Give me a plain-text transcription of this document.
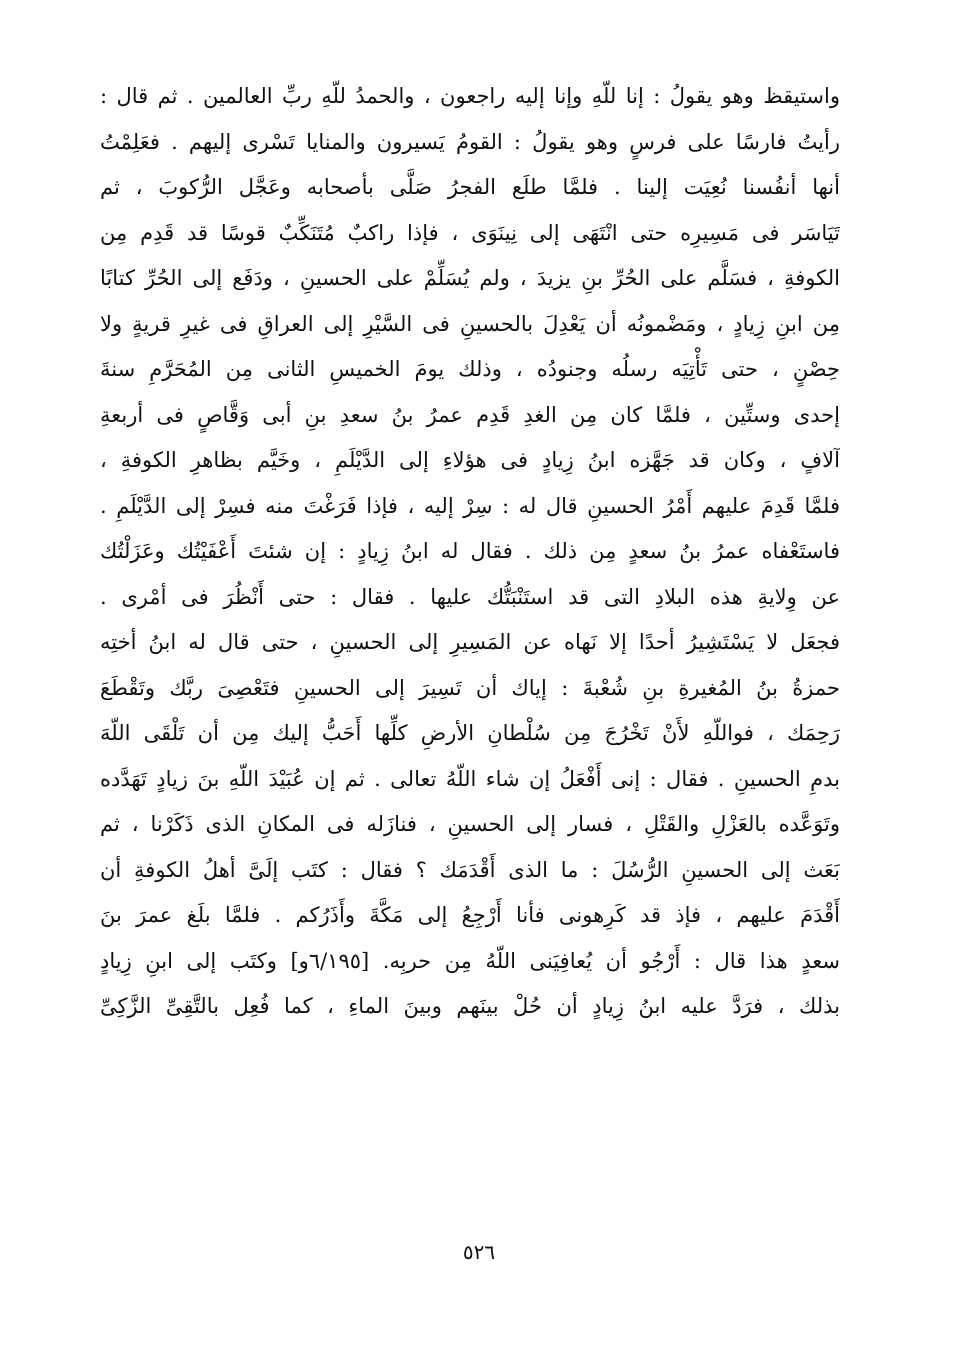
واستيقظ وهو يقولُ : إنا للّهِ وإنا إليه راجعون ، والحمدُ للّهِ ربِّ العالمين . ثم قال :
رأيتُ فارسًا على فرسٍ وهو يقولُ : القومُ يَسيرون والمنايا تَسْرى إليهم . فعَلِمْتُ
أنها أنفُسنا نُعِيَت إلينا . فلمَّا طلَع الفجرُ صَلَّى بأصحابه وعَجَّل الرُّكوبَ ، ثم
تَيَاسَر فى مَسِيرِه حتى انْتَهَى إلى نِينَوَى ، فإذا راكبٌ مُتَنَكِّبٌ قوسًا قد قَدِم مِن
الكوفةِ ، فسَلَّم على الحُرِّ بنِ يزيدَ ، ولم يُسَلِّمْ على الحسينِ ، ودَفَع إلى الحُرِّ كتابًا
مِن ابنِ زِيادٍ ، ومَضْمونُه أن يَعْدِلَ بالحسينِ فى السَّيْرِ إلى العراقِ فى غيرِ قريةٍ ولا
حِصْنٍ ، حتى تَأْتِيَه رسلُه وجنودُه ، وذلك يومَ الخميسِ الثانى مِن المُحَرَّمِ سنةَ
إحدى وستِّين ، فلمَّا كان مِن الغدِ قَدِم عمرُ بنُ سعدِ بنِ أبى وَقَّاصٍ فى أربعةِ
آلافٍ ، وكان قد جَهَّزه ابنُ زِيادٍ فى هؤلاءِ إلى الدَّيْلَمِ ، وخَيَّم بظاهرِ الكوفةِ ،
فلمَّا قَدِمَ عليهم أَمْرُ الحسينِ قال له : سِرْ إليه ، فإذا فَرَغْتَ منه فسِرْ إلى الدَّيْلَمِ .
فاستَعْفاه عمرُ بنُ سعدٍ مِن ذلك . فقال له ابنُ زِيادٍ : إن شئتَ أَعْفَيْتُك وعَزَلْتُك
عن وِلايةِ هذه البلادِ التى قد استَنْبَتُّك عليها . فقال : حتى أَنْظُرَ فى أمْرى .
فجعَل لا يَسْتَشِيرُ أحدًا إلا نَهاه عن المَسِيرِ إلى الحسينِ ، حتى قال له ابنُ أختِه
حمزةُ بنُ المُغيرةِ بنِ شُعْبةَ : إياك أن تَسِيرَ إلى الحسينِ فتَعْصِىَ ربَّك وتَقْطَعَ
رَحِمَك ، فواللّهِ لأَنْ تَخْرُجَ مِن سُلْطانِ الأرضِ كلِّها أَحَبُّ إليك مِن أن تَلْقَى اللّهَ
بدمِ الحسينِ . فقال : إنى أَفْعَلُ إن شاء اللّهُ تعالى . ثم إن عُبَيْدَ اللّهِ بنَ زيادٍ تَهَدَّده
وتَوَعَّده بالعَزْلِ والقَتْلِ ، فسار إلى الحسينِ ، فنازَله فى المكانِ الذى ذَكَرْنا ، ثم
بَعَث إلى الحسينِ الرُّسُلَ : ما الذى أَقْدَمَك ؟ فقال : كتَب إلَىَّ أهلُ الكوفةِ أن
أَقْدَمَ عليهم ، فإذ قد كَرِهونى فأنا أَرْجِعُ إلى مَكَّةَ وأَذَرُكم . فلمَّا بلَغ عمرَ بنَ
سعدٍ هذا قال : أَرْجُو أن يُعافِيَنى اللّهُ مِن حربِه. [٦/١٩٥و] وكتَب إلى ابنِ زِيادٍ
بذلك ، فرَدَّ عليه ابنُ زِيادٍ أن حُلْ بينَهم وبينَ الماءِ ، كما فُعِل بالتَّقِىِّ الزَّكِىِّ
٥٢٦
